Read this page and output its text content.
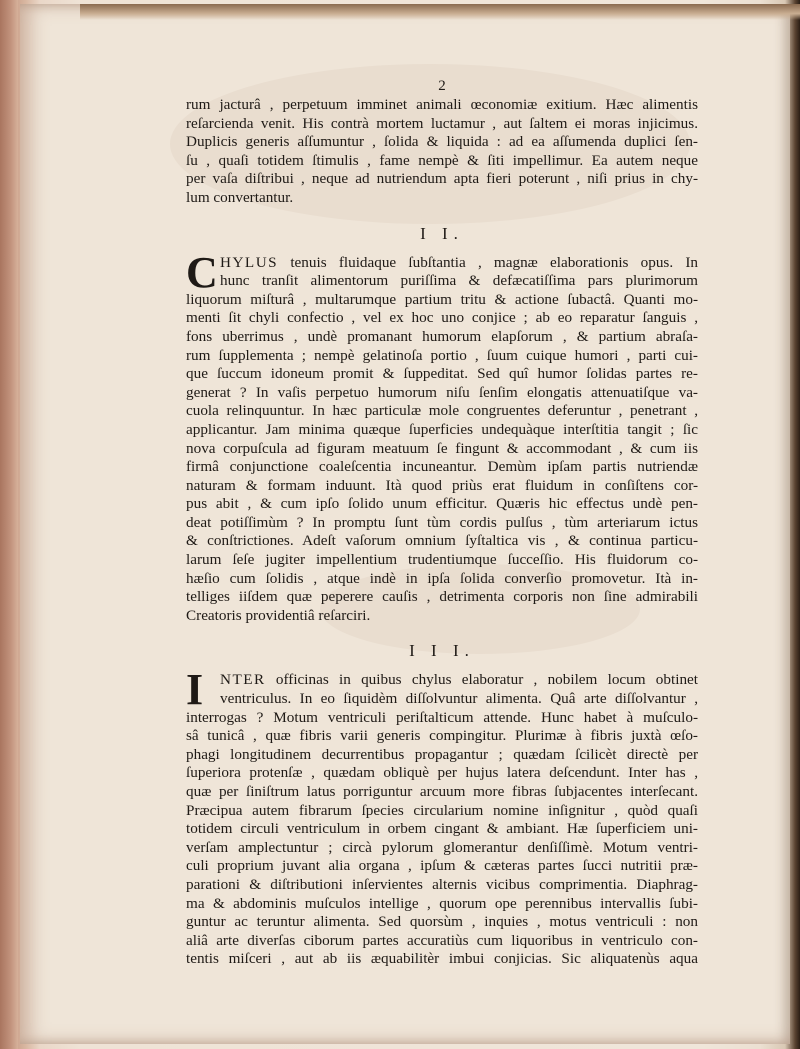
2
rum jacturâ , perpetuum imminet animali œconomiæ exitium. Hæc alimentis
reſarcienda venit. His contrà mortem luctamur , aut ſaltem ei moras injicimus.
Duplicis generis aſſumuntur , ſolida & liquida : ad ea aſſumenda duplici ſen-
ſu , quaſi totidem ſtimulis , fame nempè & ſiti impellimur. Ea autem neque
per vaſa diſtribui , neque ad nutriendum apta fieri poterunt , niſi prius in chy-
lum convertantur.
I I.
C HYLUS tenuis fluidaque ſubſtantia , magnæ elaborationis opus. In
hunc tranſit alimentorum puriſſima & defæcatiſſima pars plurimorum
liquorum miſturâ , multarumque partium tritu & actione ſubactâ. Quanti mo-
menti ſit chyli confectio , vel ex hoc uno conjice ; ab eo reparatur ſanguis ,
fons uberrimus , undè promanant humorum elapſorum , & partium abraſa-
rum ſupplementa ; nempè gelatinoſa portio , ſuum cuique humori , parti cui-
que ſuccum idoneum promit & ſuppeditat. Sed quî humor ſolidas partes re-
generat ? In vaſis perpetuo humorum niſu ſenſim elongatis attenuatiſque va-
cuola relinquuntur. In hæc particulæ mole congruentes deferuntur , penetrant ,
applicantur. Jam minima quæque ſuperficies undequàque interſtitia tangit ; ſic
nova corpuſcula ad figuram meatuum ſe fingunt & accommodant , & cum iis
firmâ conjunctione coaleſcentia incuneantur. Demùm ipſam partis nutriendæ
naturam & formam induunt. Ità quod priùs erat fluidum in conſiſtens cor-
pus abit , & cum ipſo ſolido unum efficitur. Quæris hic effectus undè pen-
deat potiſſimùm ? In promptu ſunt tùm cordis pulſus , tùm arteriarum ictus
& conſtrictiones. Adeſt vaſorum omnium ſyſtaltica vis , & continua particu-
larum ſeſe jugiter impellentium trudentiumque ſucceſſio. His fluidorum co-
hæſio cum ſolidis , atque indè in ipſa ſolida converſio promovetur. Ità in-
telliges iiſdem quæ peperere cauſis , detrimenta corporis non ſine admirabili
Creatoris providentiâ reſarciri.
I I I.
I	NTER officinas in quibus chylus elaboratur , nobilem locum obtinet
ventriculus. In eo ſiquidèm diſſolvuntur alimenta. Quâ arte diſſolvantur ,
interrogas ? Motum ventriculi periſtalticum attende. Hunc habet à muſculo-
sâ tunicâ , quæ fibris varii generis compingitur. Plurimæ à fibris juxtà œſo-
phagi longitudinem decurrentibus propagantur ; quædam ſcilicèt directè per
ſuperiora protenſæ , quædam obliquè per hujus latera deſcendunt. Inter has ,
quæ per ſiniſtrum latus porriguntur arcuum more fibras ſubjacentes interſecant.
Præcipua autem fibrarum ſpecies circularium nomine inſignitur , quòd quaſi
totidem circuli ventriculum in orbem cingant & ambiant. Hæ ſuperficiem uni-
verſam amplectuntur ; circà pylorum glomerantur denſiſſimè. Motum ventri-
culi proprium juvant alia organa , ipſum & cæteras partes ſucci nutritii præ-
parationi & diſtributioni inſervientes alternis vicibus comprimentia. Diaphrag-
ma & abdominis muſculos intellige , quorum ope perennibus intervallis ſubi-
guntur ac teruntur alimenta. Sed quorsùm , inquies , motus ventriculi : non
aliâ arte diverſas ciborum partes accuratiùs cum liquoribus in ventriculo con-
tentis miſceri , aut ab iis æquabilitèr imbui conjicias. Sic aliquatenùs aqua
